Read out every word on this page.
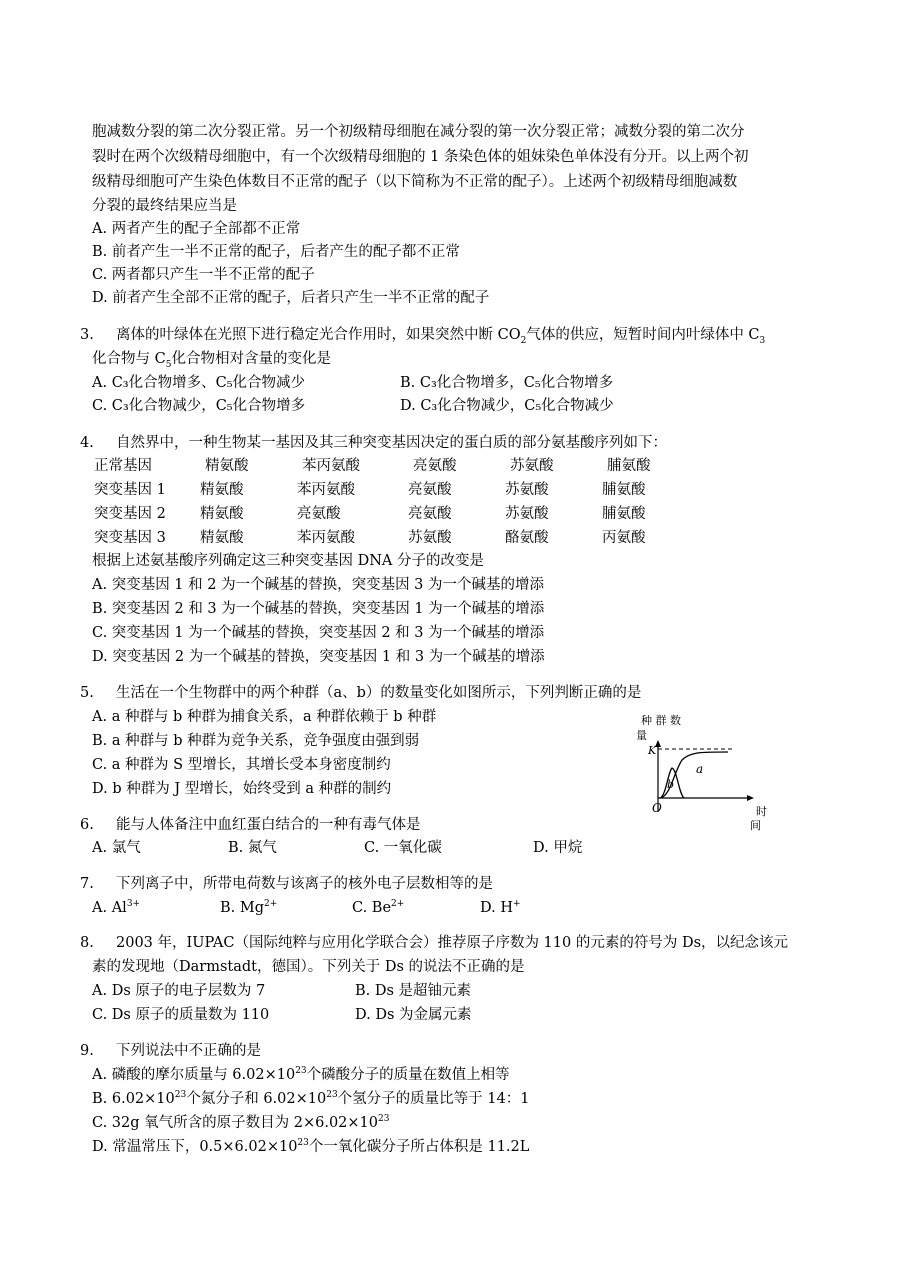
胞减数分裂的第二次分裂正常。另一个初级精母细胞在减分裂的第一次分裂正常；减数分裂的第二次分
裂时在两个次级精母细胞中，有一个次级精母细胞的 1 条染色体的姐妹染色单体没有分开。以上两个初
级精母细胞可产生染色体数目不正常的配子（以下简称为不正常的配子）。上述两个初级精母细胞减数
分裂的最终结果应当是
A. 两者产生的配子全部都不正常
B. 前者产生一半不正常的配子，后者产生的配子都不正常
C. 两者都只产生一半不正常的配子
D. 前者产生全部不正常的配子，后者只产生一半不正常的配子
3. 离体的叶绿体在光照下进行稳定光合作用时，如果突然中断 $CO_2$气体的供应，短暂时间内叶绿体中 $C_3$
化合物与 $C_5$化合物相对含量的变化是
A. C₃化合物增多、C₅化合物减少	B. C₃化合物增多，C₅化合物增多
C. C₃化合物减少，C₅化合物增多	D. C₃化合物减少，C₅化合物减少
4. 自然界中，一种生物某一基因及其三种突变基因决定的蛋白质的部分氨基酸序列如下：
正常基因	精氨酸	苯丙氨酸	亮氨酸	苏氨酸	脯氨酸
突变基因 1 精氨酸	苯丙氨酸	亮氨酸	苏氨酸	脯氨酸
突变基因 2 精氨酸	亮氨酸	亮氨酸	苏氨酸	脯氨酸
突变基因 3 精氨酸	苯丙氨酸	苏氨酸	酪氨酸	丙氨酸
根据上述氨基酸序列确定这三种突变基因 DNA 分子的改变是
A. 突变基因 1 和 2 为一个碱基的替换，突变基因 3 为一个碱基的增添
B. 突变基因 2 和 3 为一个碱基的替换，突变基因 1 为一个碱基的增添
C. 突变基因 1 为一个碱基的替换，突变基因 2 和 3 为一个碱基的增添
D. 突变基因 2 为一个碱基的替换，突变基因 1 和 3 为一个碱基的增添
5. 生活在一个生物群中的两个种群（a、b）的数量变化如图所示，下列判断正确的是
A. a 种群与 b 种群为捕食关系，a 种群依赖于 b 种群
B. a 种群与 b 种群为竞争关系，竞争强度由强到弱
C. a 种群为 S 型增长，其增长受本身密度制约
D. b 种群为 J 型增长，始终受到 a 种群的制约
种 群 数
量
K
a
b
O	时
间
6. 能与人体备注中血红蛋白结合的一种有毒气体是
A. 氯气	B. 氮气	C. 一氧化碳	D. 甲烷
7. 下列离子中，所带电荷数与该离子的核外电子层数相等的是
A. $Al^{3+}$	B. $Mg^{2+}$	C. $Be^{2+}$	D. H+
8. 2003 年，IUPAC（国际纯粹与应用化学联合会）推荐原子序数为 110 的元素的符号为 Ds，以纪念该元
素的发现地（Darmstadt，德国）。下列关于 Ds 的说法不正确的是
A. Ds 原子的电子层数为 7	B. Ds 是超铀元素
C. Ds 原子的质量数为 110	D. Ds 为金属元素
9. 下列说法中不正确的是
A. 磷酸的摩尔质量与 $6.02\times 10^{23}$个磷酸分子的质量在数值上相等
B. $6.02\times 10^{23}$个氮分子和 $6.02\times 10^{23}$个氢分子的质量比等于 14：1
C. 32g 氧气所含的原子数目为 $2\times 6.02\times 10^{23}$
D. 常温常压下，$0.5\times 6.02\times 10^{23}$个一氧化碳分子所占体积是 11.2L
